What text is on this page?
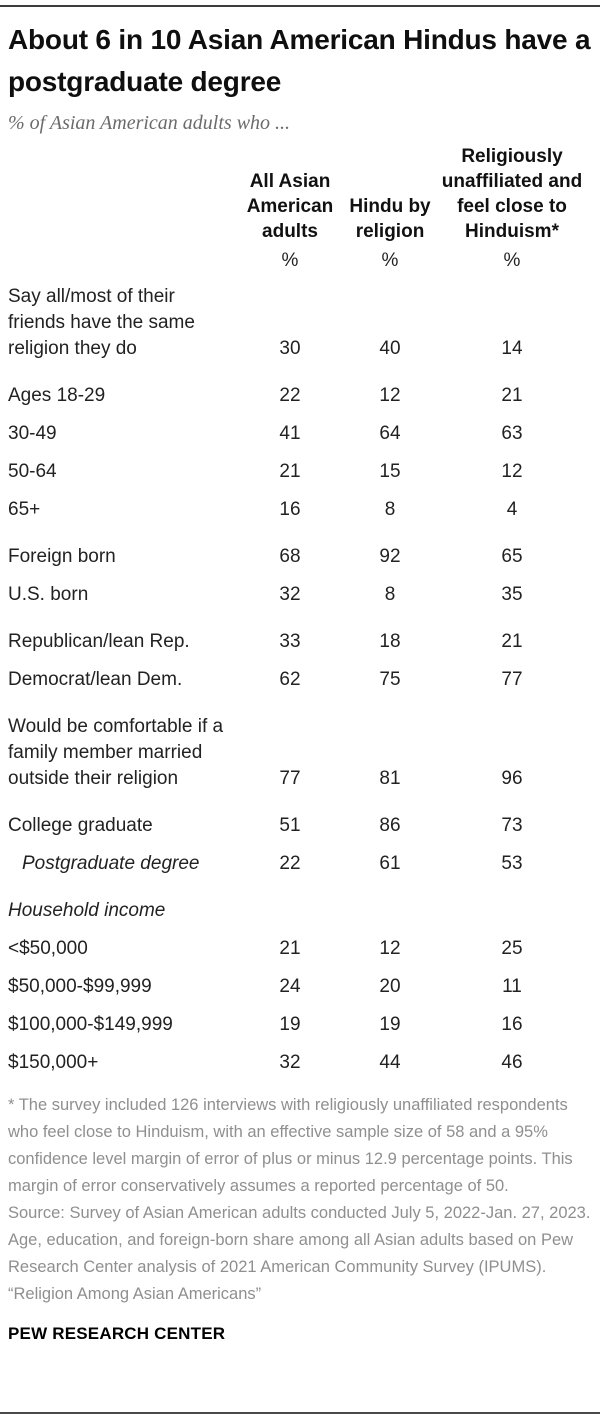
About 6 in 10 Asian American Hindus have a postgraduate degree
% of Asian American adults who ...
	All Asian American adults	Hindu by religion	Religiously unaffiliated and feel close to Hinduism*
	%	%	%
Say all/most of their friends have the same religion they do	30	40	14
Ages 18-29	22	12	21
30-49	41	64	63
50-64	21	15	12
65+	16	8	4
Foreign born	68	92	65
U.S. born	32	8	35
Republican/lean Rep.	33	18	21
Democrat/lean Dem.	62	75	77
Would be comfortable if a family member married outside their religion	77	81	96
College graduate	51	86	73
Postgraduate degree	22	61	53
Household income			
<$50,000	21	12	25
$50,000-$99,999	24	20	11
$100,000-$149,999	19	19	16
$150,000+	32	44	46

* The survey included 126 interviews with religiously unaffiliated respondents who feel close to Hinduism, with an effective sample size of 58 and a 95% confidence level margin of error of plus or minus 12.9 percentage points. This margin of error conservatively assumes a reported percentage of 50.

Source: Survey of Asian American adults conducted July 5, 2022-Jan. 27, 2023. Age, education, and foreign-born share among all Asian adults based on Pew Research Center analysis of 2021 American Community Survey (IPUMS).

“Religion Among Asian Americans”

PEW RESEARCH CENTER
